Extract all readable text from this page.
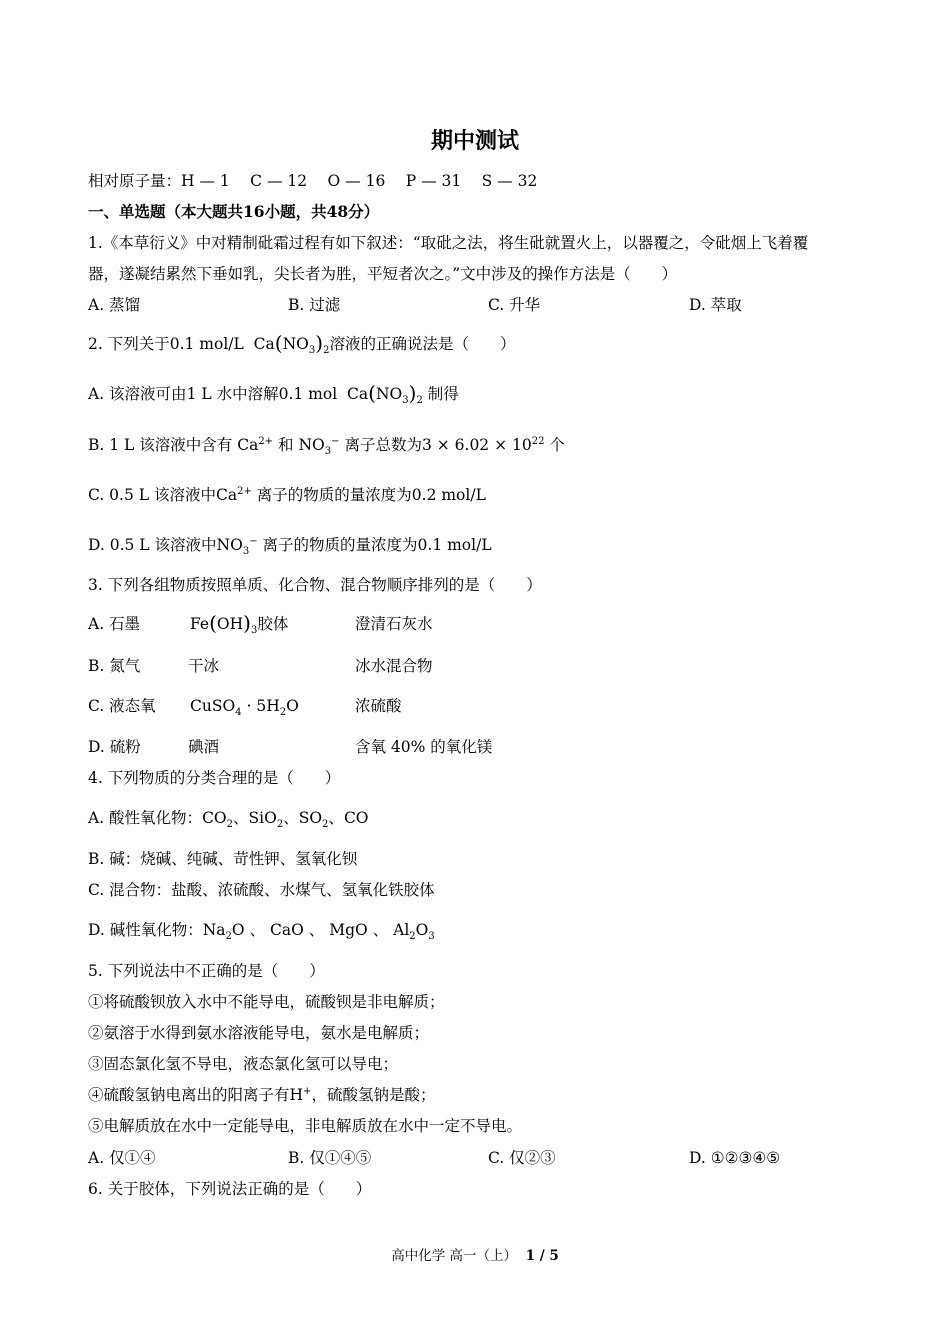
期中测试
相对原子量：H — 1　 C — 12 　O — 16 　P — 31 　S — 32
一、单选题（本大题共16小题，共48分）
1.《本草衍义》中对精制砒霜过程有如下叙述：“取砒之法，将生砒就置火上，以器覆之，令砒烟上飞着覆
器，遂凝结累然下垂如乳，尖长者为胜，平短者次之。”文中涉及的操作方法是（　　）
A. 蒸馏	B. 过滤	C. 升华	D. 萃取
2. 下列关于0.1 mol/L $Ca(NO_3)_2$溶液的正确说法是（　　）
A. 该溶液可由1 L 水中溶解0.1 mol $Ca(NO_3)_2$ 制得
B. 1 L 该溶液中含有 $Ca^{2+}$ 和 $NO_3^-$ 离子总数为$3 \times 6.02 \times 10^{22}$ 个
C. 0.5 L 该溶液中$Ca^{2+}$ 离子的物质的量浓度为0.2 mol/L
D. 0.5 L 该溶液中$NO_3^-$ 离子的物质的量浓度为0.1 mol/L
3. 下列各组物质按照单质、化合物、混合物顺序排列的是（　　）
A. 石墨	$Fe(OH)_3$胶体	澄清石灰水
B. 氮气	干冰	冰水混合物
C. 液态氧 CuSO$_4$ · $5H_2O$	浓硫酸
D. 硫粉	碘酒	含氧 40% 的氧化镁
4. 下列物质的分类合理的是（　　）
A. 酸性氧化物：$CO_2$、SiO$_2$、$SO_2$、CO
B. 碱：烧碱、纯碱、苛性钾、氢氧化钡
C. 混合物：盐酸、浓硫酸、水煤气、氢氧化铁胶体
D. 碱性氧化物：$Na_2O$ 、 CaO 、 MgO 、 $Al_2O_3$
5. 下列说法中不正确的是（　　）
①将硫酸钡放入水中不能导电，硫酸钡是非电解质；
②氨溶于水得到氨水溶液能导电，氨水是电解质；
③固态氯化氢不导电，液态氯化氢可以导电；
④硫酸氢钠电离出的阳离子有H+，硫酸氢钠是酸；
⑤电解质放在水中一定能导电，非电解质放在水中一定不导电。
A. 仅①④	B. 仅①④⑤	C. 仅②③	D. ①②③④⑤
6. 关于胶体，下列说法正确的是（　　）
高中化学 高一（上） 1 / 5
